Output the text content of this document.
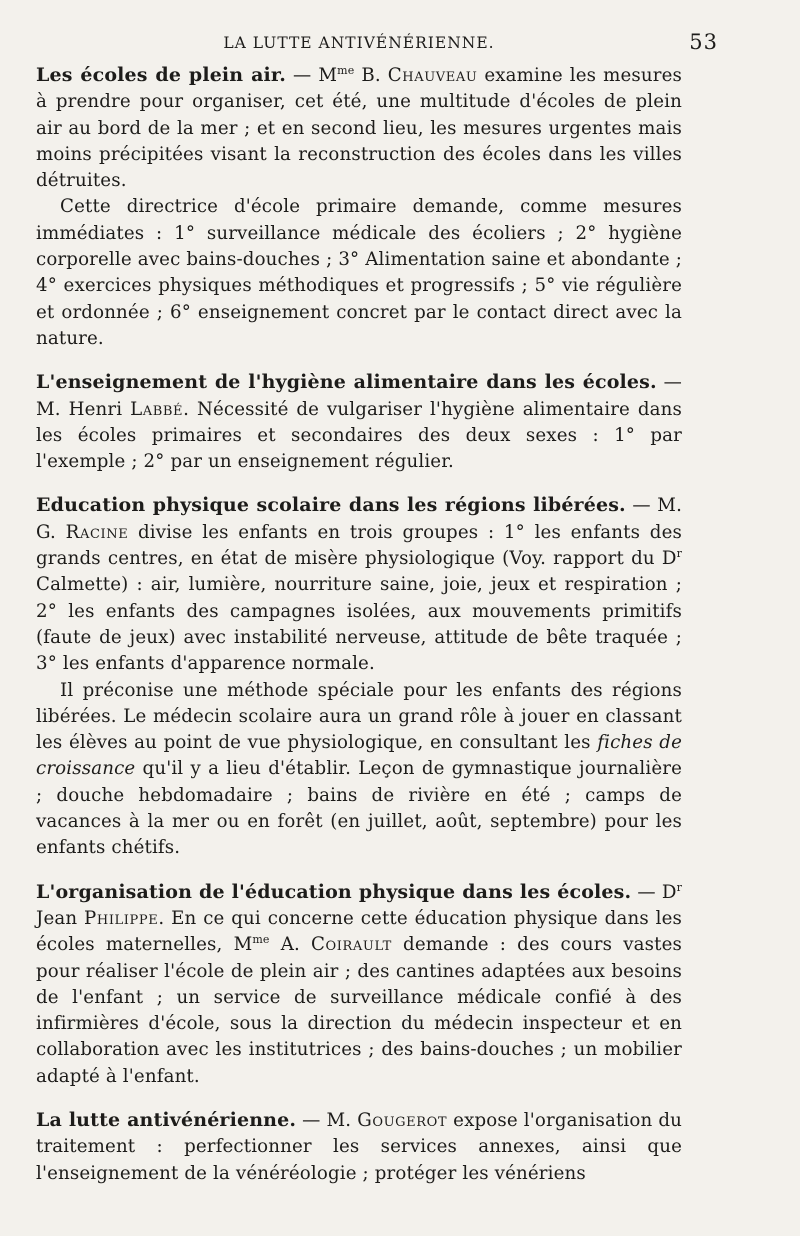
LA LUTTE ANTIVÉNÉRIENNE.	53

Les écoles de plein air. — $M^{me}$ B. Chauveau examine les mesures à prendre pour organiser, cet été, une multitude d'écoles de plein air au bord de la mer ; et en second lieu, les mesures urgentes mais moins précipitées visant la reconstruction des écoles dans les villes détruites.

Cette directrice d'école primaire demande, comme mesures immédiates : 1° surveillance médicale des écoliers ; 2° hygiène corporelle avec bains-douches ; 3° Alimentation saine et abondante ; 4° exercices physiques méthodiques et progressifs ; 5° vie régulière et ordonnée ; 6° enseignement concret par le contact direct avec la nature.

L'enseignement de l'hygiène alimentaire dans les écoles. — M. Henri Labbé. Nécessité de vulgariser l'hygiène alimentaire dans les écoles primaires et secondaires des deux sexes : 1° par l'exemple ; 2° par un enseignement régulier.

Education physique scolaire dans les régions libérées. — M. G. Racine divise les enfants en trois groupes : 1° les enfants des grands centres, en état de misère physiologique (Voy. rapport du $D^r$ Calmette) : air, lumière, nourriture saine, joie, jeux et respiration ; 2° les enfants des campagnes isolées, aux mouvements primitifs (faute de jeux) avec instabilité nerveuse, attitude de bête traquée ; 3° les enfants d'apparence normale.

Il préconise une méthode spéciale pour les enfants des régions libérées. Le médecin scolaire aura un grand rôle à jouer en classant les élèves au point de vue physiologique, en consultant les fiches de croissance qu'il y a lieu d'établir. Leçon de gymnastique journalière ; douche hebdomadaire ; bains de rivière en été ; camps de vacances à la mer ou en forêt (en juillet, août, septembre) pour les enfants chétifs.

L'organisation de l'éducation physique dans les écoles. — $D^r$ Jean Philippe. En ce qui concerne cette éducation physique dans les écoles maternelles, $M^{me}$ A. Coirault demande : des cours vastes pour réaliser l'école de plein air ; des cantines adaptées aux besoins de l'enfant ; un service de surveillance médicale confié à des infirmières d'école, sous la direction du médecin inspecteur et en collaboration avec les institutrices ; des bains-douches ; un mobilier adapté à l'enfant.

La lutte antivénérienne. — M. Gougerot expose l'organisation du traitement : perfectionner les services annexes, ainsi que l'enseignement de la vénéréologie ; protéger les vénériens
